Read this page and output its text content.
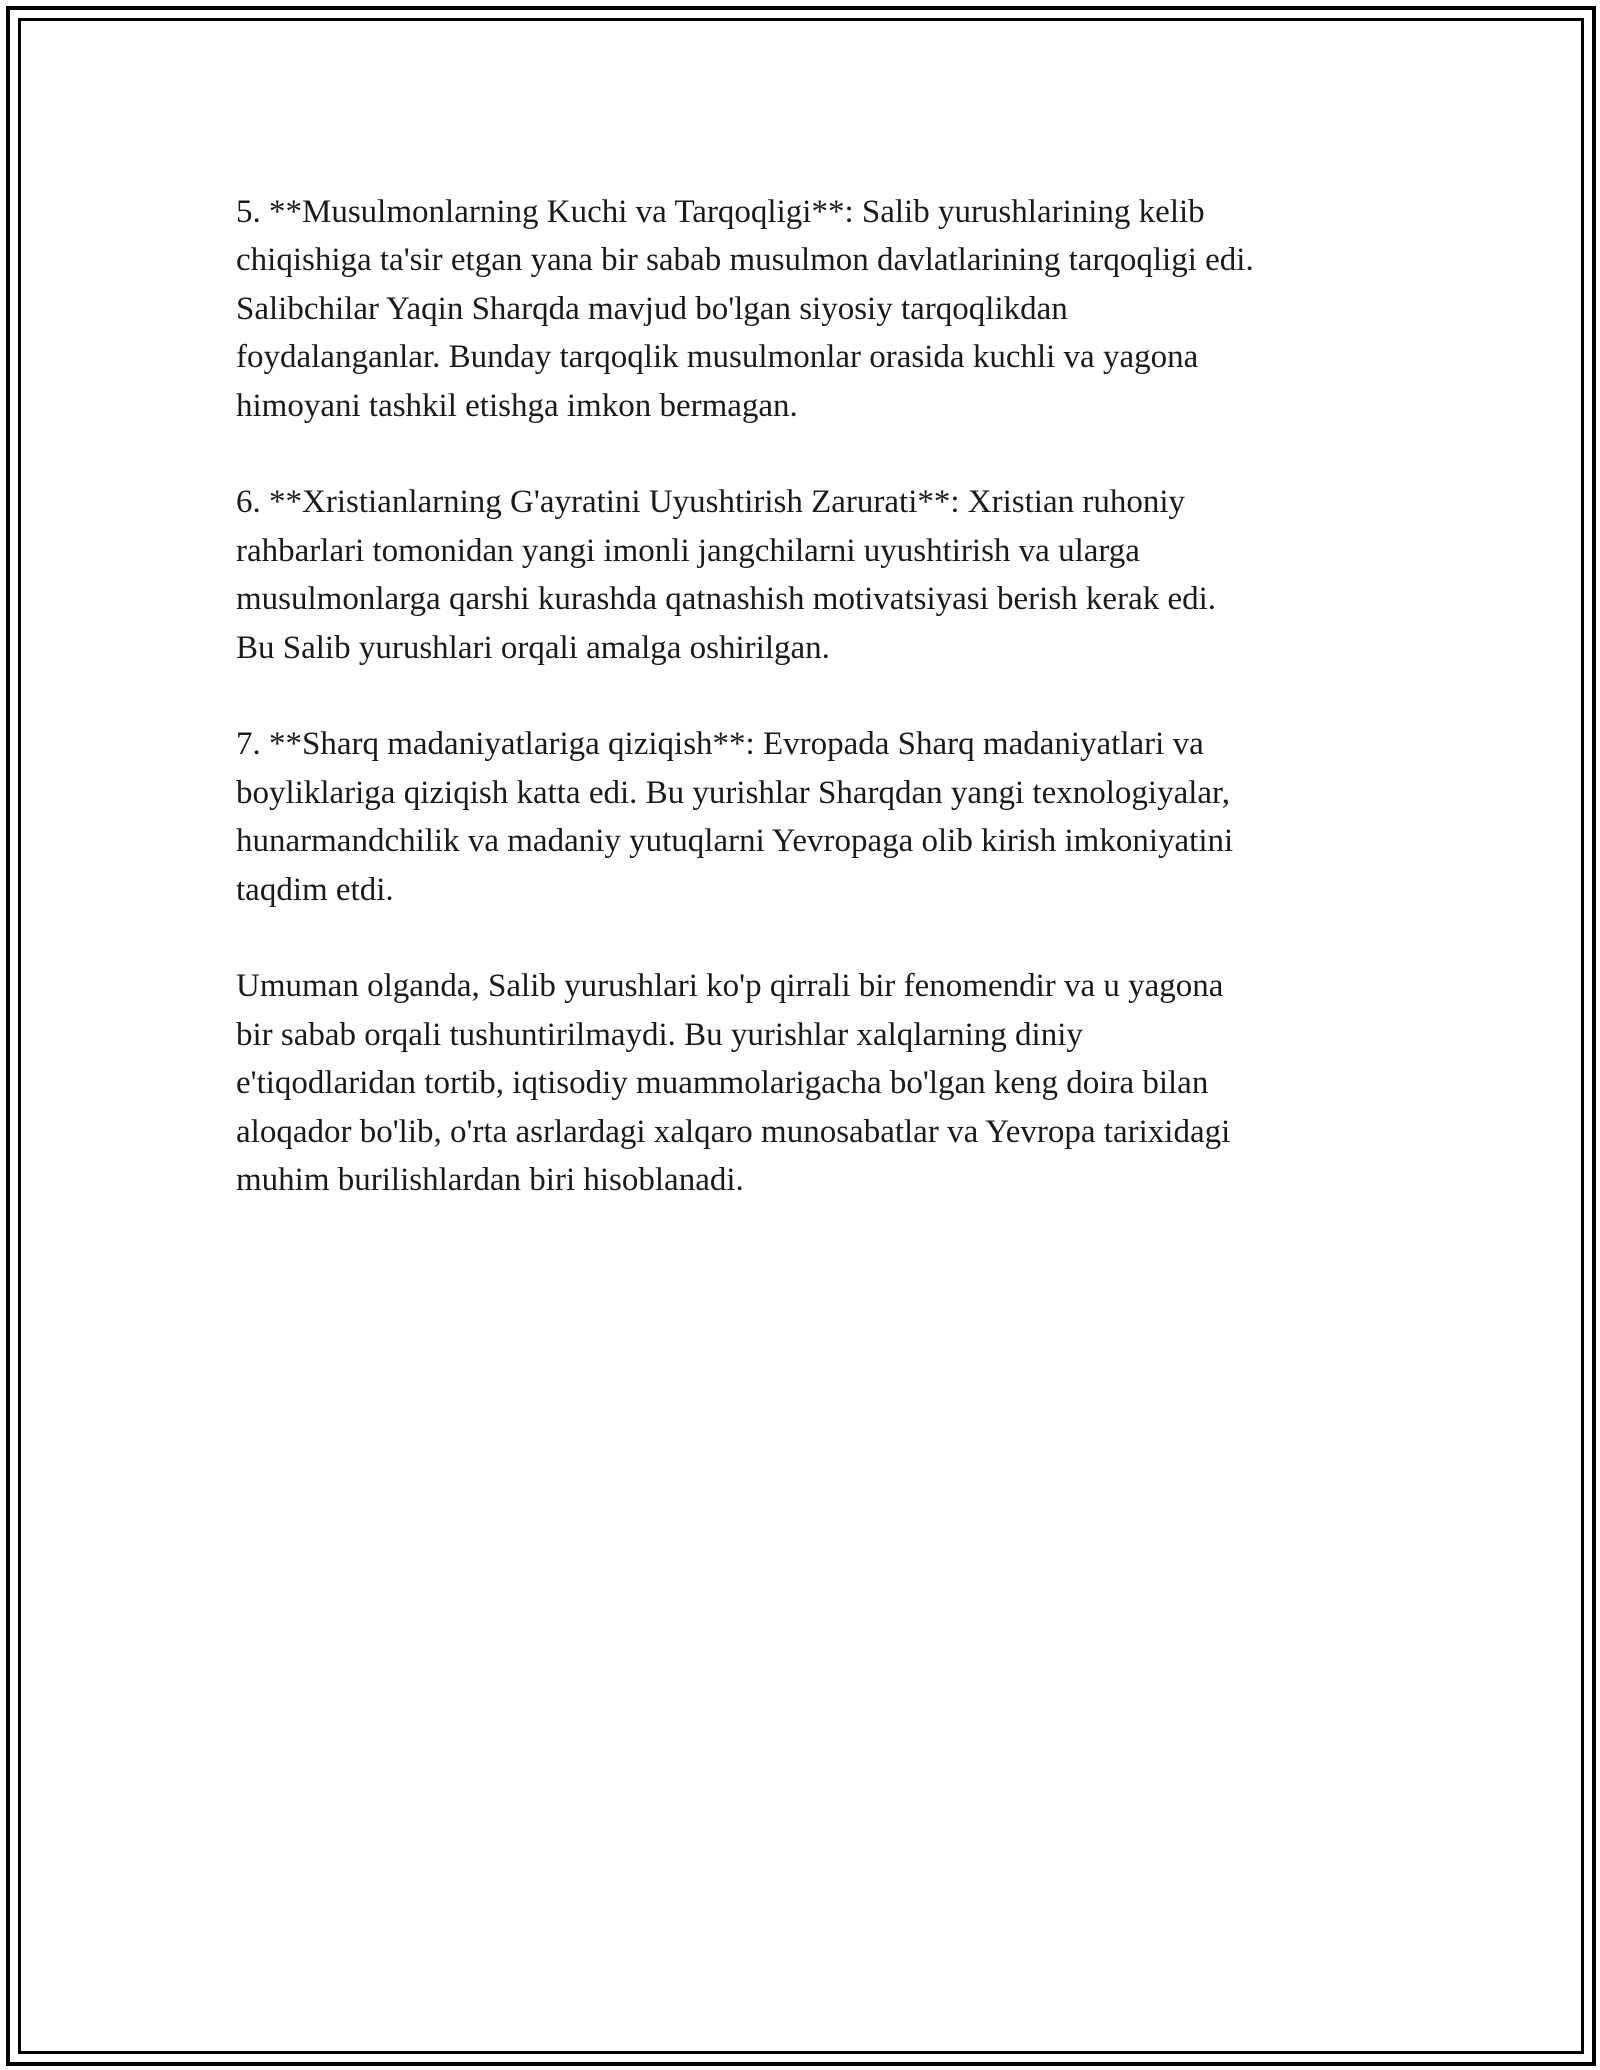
5. **Musulmonlarning Kuchi va Tarqoqligi**: Salib yurushlarining kelib
chiqishiga ta'sir etgan yana bir sabab musulmon davlatlarining tarqoqligi edi.
Salibchilar Yaqin Sharqda mavjud bo'lgan siyosiy tarqoqlikdan
foydalanganlar. Bunday tarqoqlik musulmonlar orasida kuchli va yagona
himoyani tashkil etishga imkon bermagan.

6. **Xristianlarning G'ayratini Uyushtirish Zarurati**: Xristian ruhoniy
rahbarlari tomonidan yangi imonli jangchilarni uyushtirish va ularga
musulmonlarga qarshi kurashda qatnashish motivatsiyasi berish kerak edi.
Bu Salib yurushlari orqali amalga oshirilgan.

7. **Sharq madaniyatlariga qiziqish**: Evropada Sharq madaniyatlari va
boyliklariga qiziqish katta edi. Bu yurishlar Sharqdan yangi texnologiyalar,
hunarmandchilik va madaniy yutuqlarni Yevropaga olib kirish imkoniyatini
taqdim etdi.

Umuman olganda, Salib yurushlari ko'p qirrali bir fenomendir va u yagona
bir sabab orqali tushuntirilmaydi. Bu yurishlar xalqlarning diniy
e'tiqodlaridan tortib, iqtisodiy muammolarigacha bo'lgan keng doira bilan
aloqador bo'lib, o'rta asrlardagi xalqaro munosabatlar va Yevropa tarixidagi
muhim burilishlardan biri hisoblanadi.
